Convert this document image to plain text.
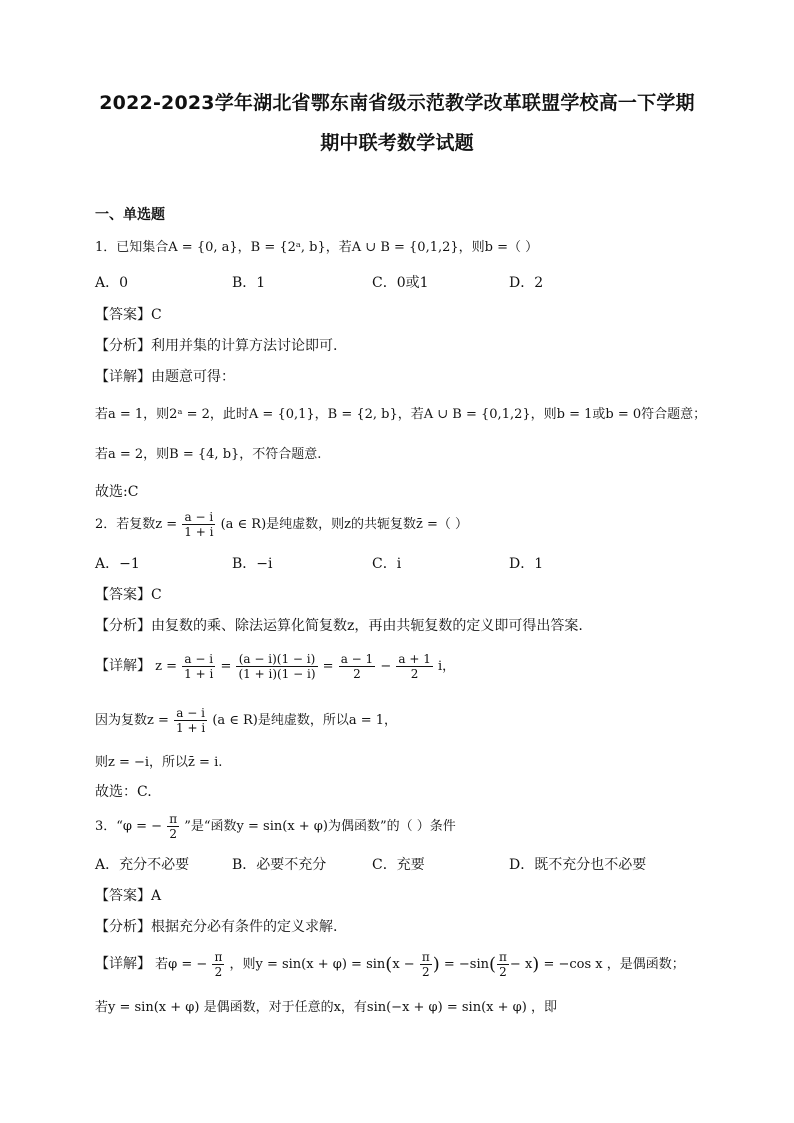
2022-2023学年湖北省鄂东南省级示范教学改革联盟学校高一下学期
期中联考数学试题
一、单选题
1．已知集合A = {0, a}，B = {2ᵃ, b}，若A ∪ B = {0,1,2}，则b =（ ）
A．0	B．1	C．0或1	D．2
【答案】C
【分析】利用并集的计算方法讨论即可.
【详解】由题意可得：
若a = 1，则2ᵃ = 2，此时A = {0,1}，B = {2, b}，若A ∪ B = {0,1,2}，则b = 1或b = 0符合题意；
若a = 2，则B = {4, b}，不符合题意.
故选:C
2．若复数$z = \frac{a - i}{1 + i} (a$ ∈ R)是纯虚数，则z的共轭复数z̄ =（ ）
A．−1	B．−i	C．i	D．1
【答案】C
【分析】由复数的乘、除法运算化简复数z，再由共轭复数的定义即可得出答案.
【详解】 $z = \frac{a - i}{1 + i} = \frac{(a - i)(1 - i)}{(1 + i)(1 - i)} = \frac{a - 1}{2} - \frac{a + 1}{2}$ i，
因为复数$z = \frac{a - i}{1 + i} (a$ ∈ R)是纯虚数，所以a = 1，
则z = −i，所以z̄ = i.
故选：C.
3．“φ = − $\frac{\pi}{2}$ ”是“函数y = sin(x + φ)为偶函数”的（ ）条件
A．充分不必要	B．必要不充分	C．充要	D．既不充分也不必要
【答案】A
【分析】根据充分必有条件的定义求解.
【详解】 若φ = − $\frac{\pi}{2}$ ，则$y = \sin(x + \varphi) = \sin(x - \frac{\pi}{2}$ ) = $-\sin( \frac{\pi}{2} - x) = -\cos$ x ，是偶函数；
若y = sin(x + φ) 是偶函数，对于任意的x，有sin(−x + φ) = sin(x + φ) ，即
